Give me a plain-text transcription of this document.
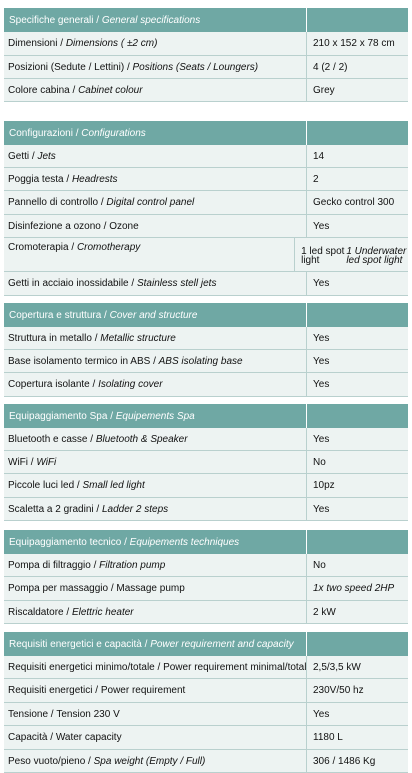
Specifiche generali / General specifications
Dimensioni / Dimensions ( ±2 cm)	210 x 152 x 78 cm
Posizioni (Sedute / Lettini) / Positions (Seats / Loungers)	4 (2 / 2)
Colore cabina / Cabinet colour	Grey
Configurazioni / Configurations
Getti / Jets	14
Poggia testa / Headrests	2
Pannello di controllo / Digital control panel	Gecko control 300
Disinfezione a ozono / Ozone	Yes
Cromoterapia / Cromotherapy	1 led spot light
1 Underwater led spot light
Getti in acciaio inossidabile / Stainless stell jets	Yes
Copertura e struttura / Cover and structure
Struttura in metallo / Metallic structure	Yes
Base isolamento termico in ABS / ABS isolating base	Yes
Copertura isolante / Isolating cover	Yes
Equipaggiamento Spa / Equipements Spa
Bluetooth e casse / Bluetooth & Speaker	Yes
WiFi / WiFi	No
Piccole luci led / Small led light	10pz
Scaletta a 2 gradini / Ladder 2 steps	Yes
Equipaggiamento tecnico / Equipements techniques
Pompa di filtraggio / Filtration pump	No
Pompa per massaggio / Massage pump	1x two speed 2HP
Riscaldatore / Elettric heater	2 kW
Requisiti energetici e capacità / Power requirement and capacity
Requisiti energetici minimo/totale / Power requirement minimal/total 2,5/3,5 kW
Requisiti energetici / Power requirement	230V/50 hz
Tensione / Tension 230 V	Yes
Capacità / Water capacity	1180 L
Peso vuoto/pieno / Spa weight (Empty / Full)	306 / 1486 Kg
